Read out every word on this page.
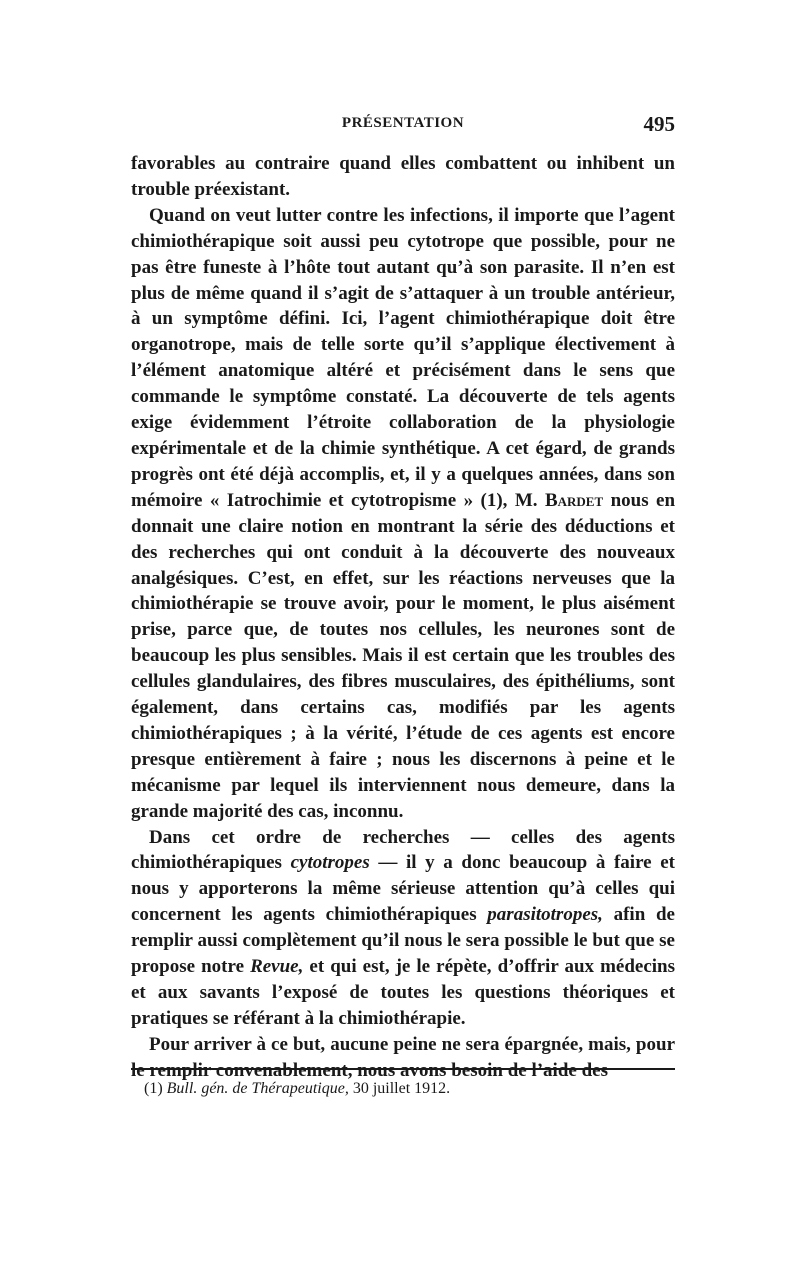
PRÉSENTATION	495

favorables au contraire quand elles combattent ou inhibent un trouble préexistant.

Quand on veut lutter contre les infections, il importe que l’agent chimiothérapique soit aussi peu cytotrope que possible, pour ne pas être funeste à l’hôte tout autant qu’à son parasite. Il n’en est plus de même quand il s’agit de s’attaquer à un trouble antérieur, à un symptôme défini. Ici, l’agent chimiothérapique doit être organotrope, mais de telle sorte qu’il s’applique électivement à l’élément anatomique altéré et précisément dans le sens que commande le symptôme constaté. La découverte de tels agents exige évidemment l’étroite collaboration de la physiologie expérimentale et de la chimie synthétique. A cet égard, de grands progrès ont été déjà accomplis, et, il y a quelques années, dans son mémoire « Iatrochimie et cytotropisme » (1), M. Bardet nous en donnait une claire notion en montrant la série des déductions et des recherches qui ont conduit à la découverte des nouveaux analgésiques. C’est, en effet, sur les réactions nerveuses que la chimiothérapie se trouve avoir, pour le moment, le plus aisément prise, parce que, de toutes nos cellules, les neurones sont de beaucoup les plus sensibles. Mais il est certain que les troubles des cellules glandulaires, des fibres musculaires, des épithéliums, sont également, dans certains cas, modifiés par les agents chimiothérapiques ; à la vérité, l’étude de ces agents est encore presque entièrement à faire ; nous les discernons à peine et le mécanisme par lequel ils interviennent nous demeure, dans la grande majorité des cas, inconnu.

Dans cet ordre de recherches — celles des agents chimiothérapiques cytotropes — il y a donc beaucoup à faire et nous y apporterons la même sérieuse attention qu’à celles qui concernent les agents chimiothérapiques parasitotropes, afin de remplir aussi complètement qu’il nous le sera possible le but que se propose notre Revue, et qui est, je le répète, d’offrir aux médecins et aux savants l’exposé de toutes les questions théoriques et pratiques se référant à la chimiothérapie.

Pour arriver à ce but, aucune peine ne sera épargnée, mais, pour le remplir convenablement, nous avons besoin de l’aide des

(1) Bull. gén. de Thérapeutique, 30 juillet 1912.
